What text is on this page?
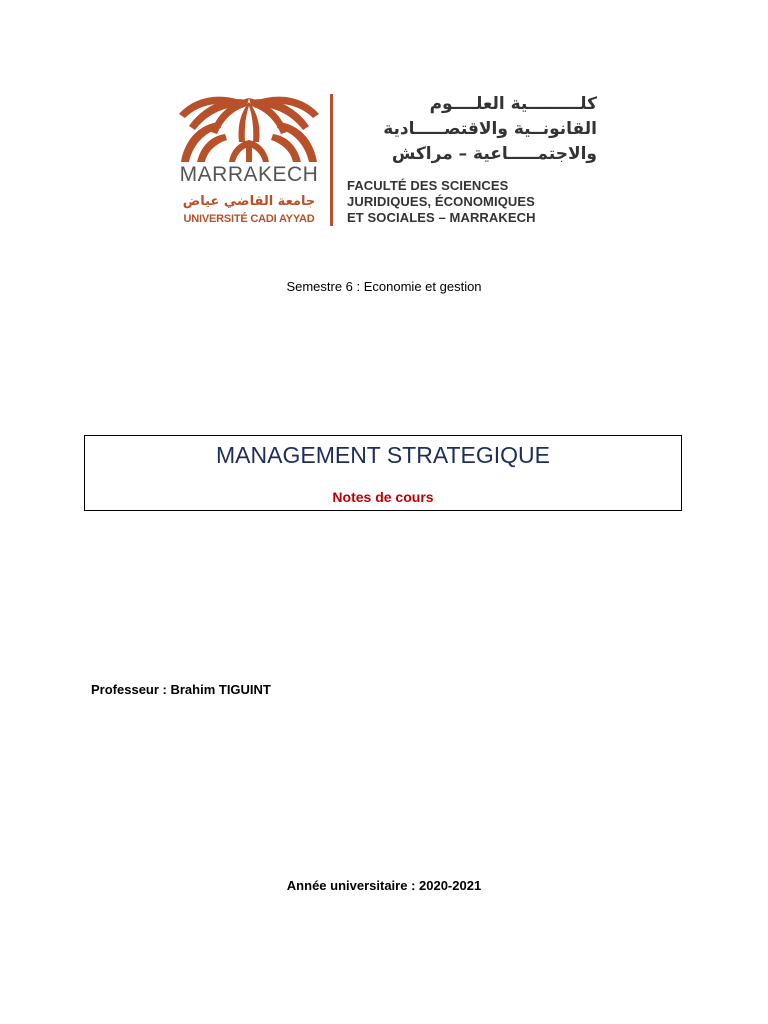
MARRAKECH
جامعة القاضي عياض
UNIVERSITÉ CADI AYYAD
كلـــــــــية العلــــوم
القانونــية والاقتصـــــادية
والاجتمـــــاعية – مراكش
FACULTÉ DES SCIENCES
JURIDIQUES, ÉCONOMIQUES
ET SOCIALES – MARRAKECH
Semestre 6 : Economie et gestion
MANAGEMENT STRATEGIQUE
Notes de cours
Professeur : Brahim TIGUINT
Année universitaire : 2020-2021
